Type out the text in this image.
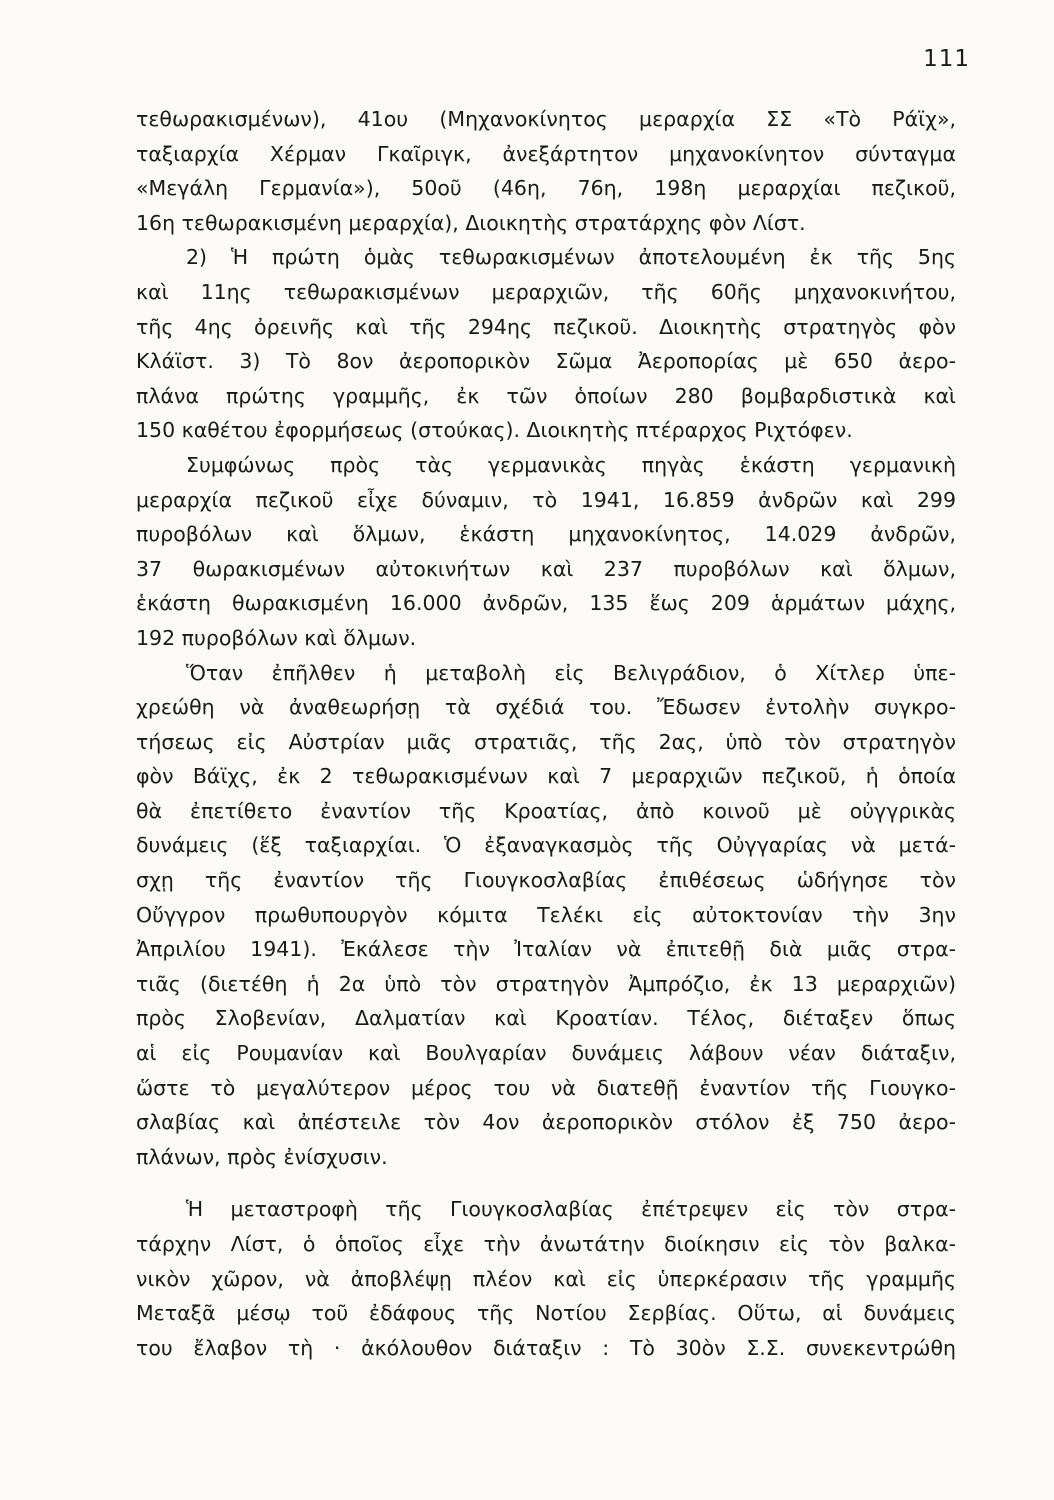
111
τεθωρακισμένων), 41ου (Μηχανοκίνητος μεραρχία ΣΣ «Τὸ Ράϊχ»,
ταξιαρχία Χέρμαν Γκαῖριγκ, ἀνεξάρτητον μηχανοκίνητον σύνταγμα
«Μεγάλη Γερμανία»), 50οῦ (46η, 76η, 198η μεραρχίαι πεζικοῦ,
16η τεθωρακισμένη μεραρχία), Διοικητὴς στρατάρχης φὸν Λίστ.
2) Ἡ πρώτη ὁμὰς τεθωρακισμένων ἀποτελουμένη ἐκ τῆς 5ης
καὶ 11ης τεθωρακισμένων μεραρχιῶν, τῆς 60ῆς μηχανοκινήτου,
τῆς 4ης ὀρεινῆς καὶ τῆς 294ης πεζικοῦ. Διοικητὴς στρατηγὸς φὸν
Κλάϊστ. 3) Τὸ 8ον ἀεροπορικὸν Σῶμα Ἀεροπορίας μὲ 650 ἀερο-
πλάνα πρώτης γραμμῆς, ἐκ τῶν ὁποίων 280 βομβαρδιστικὰ καὶ
150 καθέτου ἐφορμήσεως (στούκας). Διοικητὴς πτέραρχος Ριχτόφεν.
Συμφώνως πρὸς τὰς γερμανικὰς πηγὰς ἑκάστη γερμανικὴ
μεραρχία πεζικοῦ εἶχε δύναμιν, τὸ 1941, 16.859 ἀνδρῶν καὶ 299
πυροβόλων καὶ ὅλμων, ἑκάστη μηχανοκίνητος, 14.029 ἀνδρῶν,
37 θωρακισμένων αὐτοκινήτων καὶ 237 πυροβόλων καὶ ὅλμων,
ἑκάστη θωρακισμένη 16.000 ἀνδρῶν, 135 ἕως 209 ἁρμάτων μάχης,
192 πυροβόλων καὶ ὅλμων.
Ὅταν ἐπῆλθεν ἡ μεταβολὴ εἰς Βελιγράδιον, ὁ Χίτλερ ὑπε-
χρεώθη νὰ ἀναθεωρήσῃ τὰ σχέδιά του. Ἔδωσεν ἐντολὴν συγκρο-
τήσεως εἰς Αὐστρίαν μιᾶς στρατιᾶς, τῆς 2ας, ὑπὸ τὸν στρατηγὸν
φὸν Βάϊχς, ἐκ 2 τεθωρακισμένων καὶ 7 μεραρχιῶν πεζικοῦ, ἡ ὁποία
θὰ ἐπετίθετο ἐναντίον τῆς Κροατίας, ἀπὸ κοινοῦ μὲ οὐγγρικὰς
δυνάμεις (ἕξ ταξιαρχίαι. Ὁ ἐξαναγκασμὸς τῆς Οὐγγαρίας νὰ μετά-
σχῃ τῆς ἐναντίον τῆς Γιουγκοσλαβίας ἐπιθέσεως ὡδήγησε τὸν
Οὔγγρον πρωθυπουργὸν κόμιτα Τελέκι εἰς αὐτοκτονίαν τὴν 3ην
Ἀπριλίου 1941). Ἐκάλεσε τὴν Ἰταλίαν νὰ ἐπιτεθῇ διὰ μιᾶς στρα-
τιᾶς (διετέθη ἡ 2α ὑπὸ τὸν στρατηγὸν Ἀμπρόζιο, ἐκ 13 μεραρχιῶν)
πρὸς Σλοβενίαν, Δαλματίαν καὶ Κροατίαν. Τέλος, διέταξεν ὅπως
αἱ εἰς Ρουμανίαν καὶ Βουλγαρίαν δυνάμεις λάβουν νέαν διάταξιν,
ὥστε τὸ μεγαλύτερον μέρος του νὰ διατεθῇ ἐναντίον τῆς Γιουγκο-
σλαβίας καὶ ἀπέστειλε τὸν 4ον ἀεροπορικὸν στόλον ἐξ 750 ἀερο-
πλάνων, πρὸς ἐνίσχυσιν.
Ἡ μεταστροφὴ τῆς Γιουγκοσλαβίας ἐπέτρεψεν εἰς τὸν στρα-
τάρχην Λίστ, ὁ ὁποῖος εἶχε τὴν ἀνωτάτην διοίκησιν εἰς τὸν βαλκα-
νικὸν χῶρον, νὰ ἀποβλέψῃ πλέον καὶ εἰς ὑπερκέρασιν τῆς γραμμῆς
Μεταξᾶ μέσῳ τοῦ ἐδάφους τῆς Νοτίου Σερβίας. Οὕτω, αἱ δυνάμεις
του ἔλαβον τὴ · ἀκόλουθον διάταξιν : Τὸ 30ὸν Σ.Σ. συνεκεντρώθη
